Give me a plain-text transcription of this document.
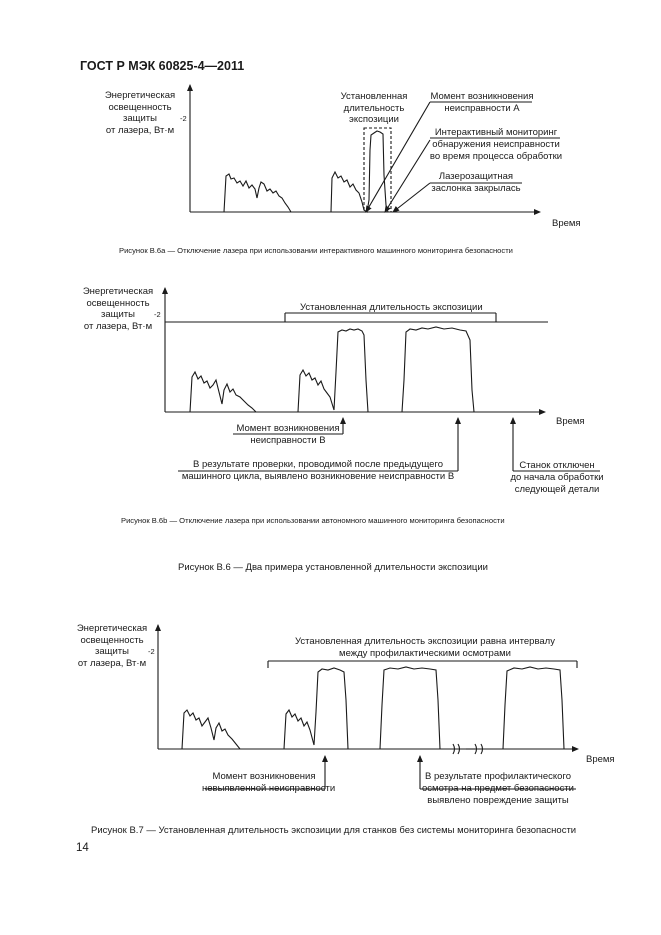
ГОСТ Р МЭК 60825-4—2011
Энергетическая
освещенность
защиты
от лазера, Вт·м
-2
Время
Установленная
длительность
экспозиции
Момент возникновения
неисправности А
Интерактивный мониторинг
обнаружения неисправности
во время процесса обработки
Лазерозащитная
заслонка закрылась
Рисунок В.6а — Отключение лазера при использовании интерактивного машинного мониторинга безопасности
Энергетическая
освещенность
защиты
от лазера, Вт·м
-2
Время
Установленная длительность экспозиции
Момент возникновения
неисправности В
В результате проверки, проводимой после предыдущего
машинного цикла, выявлено возникновение неисправности В
Станок отключен
до начала обработки
следующей детали
Рисунок В.6b — Отключение лазера при использовании автономного машинного мониторинга безопасности
Рисунок В.6 — Два примера установленной длительности экспозиции
Энергетическая
освещенность
защиты
от лазера, Вт·м
-2
Время
Установленная длительность экспозиции равна интервалу
между профилактическими осмотрами
Момент возникновения
невыявленной неисправности
В результате профилактического
осмотра на предмет безопасности
выявлено повреждение защиты
Рисунок В.7 — Установленная длительность экспозиции для станков без системы мониторинга безопасности
14
